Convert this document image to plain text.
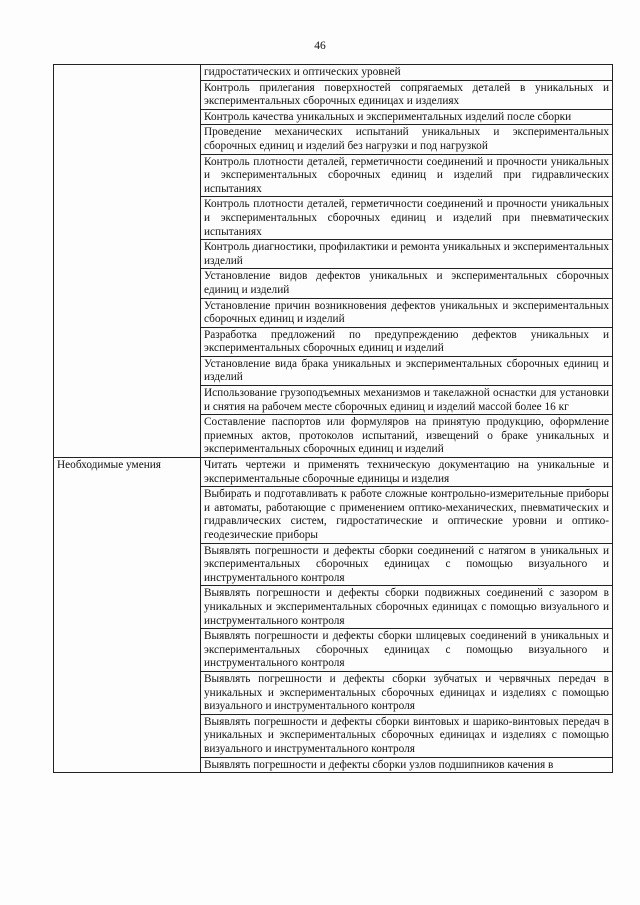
46
	гидростатических и оптических уровней
	Контроль прилегания поверхностей сопрягаемых деталей в уникальных и экспериментальных сборочных единицах и изделиях
	Контроль качества уникальных и экспериментальных изделий после сборки
	Проведение механических испытаний уникальных и экспериментальных сборочных единиц и изделий без нагрузки и под нагрузкой
	Контроль плотности деталей, герметичности соединений и прочности уникальных и экспериментальных сборочных единиц и изделий при гидравлических испытаниях
	Контроль плотности деталей, герметичности соединений и прочности уникальных и экспериментальных сборочных единиц и изделий при пневматических испытаниях
	Контроль диагностики, профилактики и ремонта уникальных и экспериментальных изделий
	Установление видов дефектов уникальных и экспериментальных сборочных единиц и изделий
	Установление причин возникновения дефектов уникальных и экспериментальных сборочных единиц и изделий
	Разработка предложений по предупреждению дефектов уникальных и экспериментальных сборочных единиц и изделий
	Установление вида брака уникальных и экспериментальных сборочных единиц и изделий
	Использование грузоподъемных механизмов и такелажной оснастки для установки и снятия на рабочем месте сборочных единиц и изделий массой более 16 кг
	Составление паспортов или формуляров на принятую продукцию, оформление приемных актов, протоколов испытаний, извещений о браке уникальных и экспериментальных сборочных единиц и изделий
Необходимые умения	Читать чертежи и применять техническую документацию на уникальные и экспериментальные сборочные единицы и изделия
	Выбирать и подготавливать к работе сложные контрольно-измерительные приборы и автоматы, работающие с применением оптико-механических, пневматических и гидравлических систем, гидростатические и оптические уровни и оптико-геодезические приборы
	Выявлять погрешности и дефекты сборки соединений с натягом в уникальных и экспериментальных сборочных единицах с помощью визуального и инструментального контроля
	Выявлять погрешности и дефекты сборки подвижных соединений с зазором в уникальных и экспериментальных сборочных единицах с помощью визуального и инструментального контроля
	Выявлять погрешности и дефекты сборки шлицевых соединений в уникальных и экспериментальных сборочных единицах с помощью визуального и инструментального контроля
	Выявлять погрешности и дефекты сборки зубчатых и червячных передач в уникальных и экспериментальных сборочных единицах и изделиях с помощью визуального и инструментального контроля
	Выявлять погрешности и дефекты сборки винтовых и шарико-винтовых передач в уникальных и экспериментальных сборочных единицах и изделиях с помощью визуального и инструментального контроля
	Выявлять погрешности и дефекты сборки узлов подшипников качения в
